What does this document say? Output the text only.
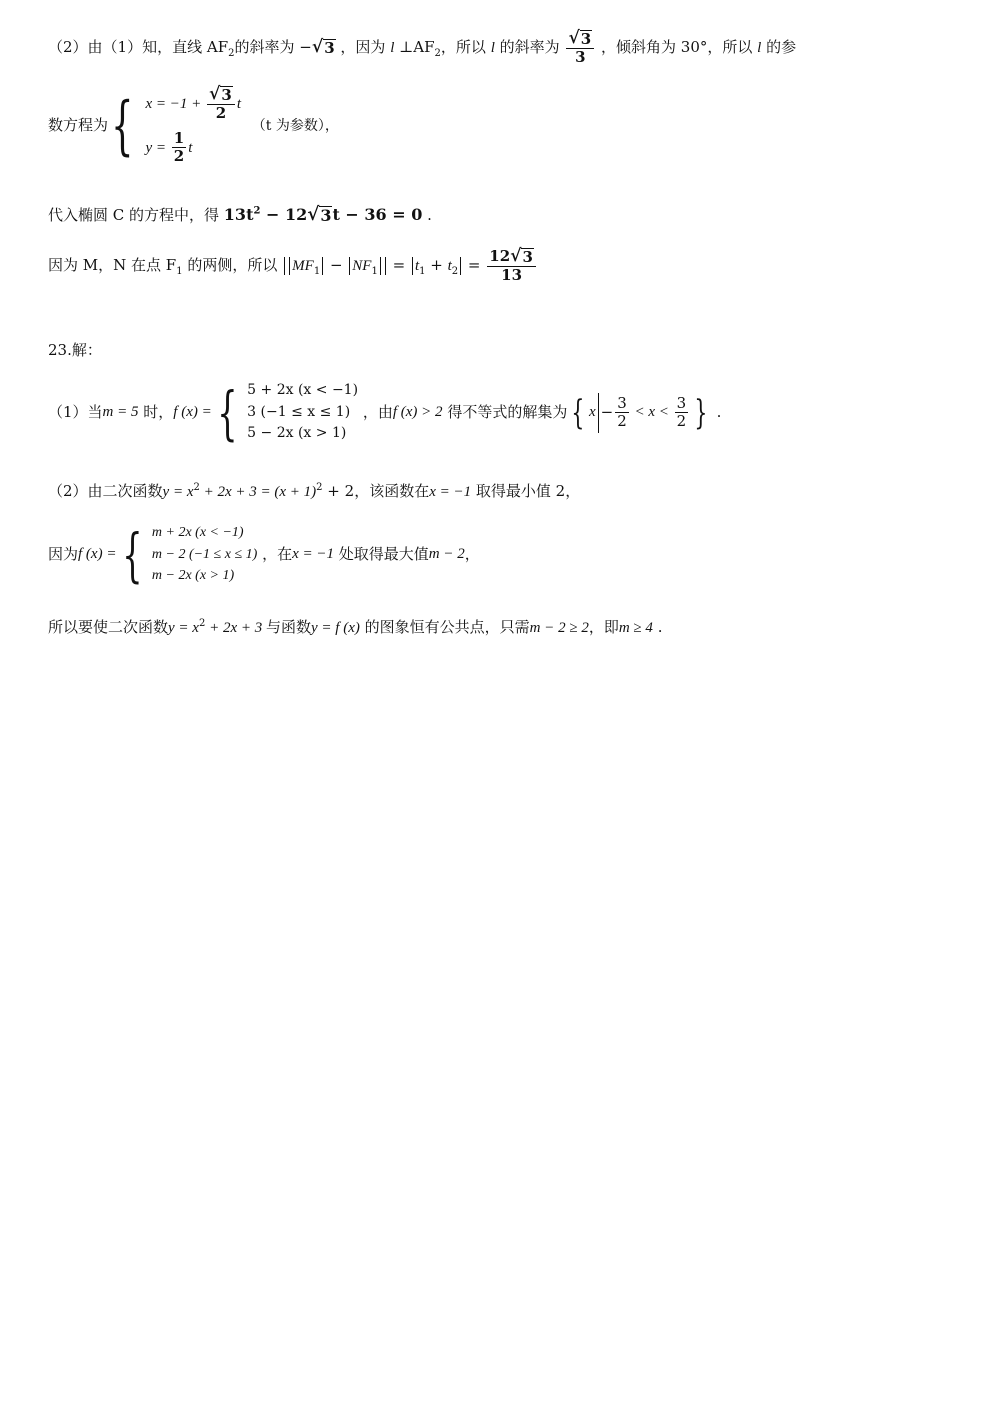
（2）由（1）知，直线 $AF_2$的斜率为 − √ 3 ，因为 l $\perp AF_2$，所以 l 的斜率为 $\frac{√ 3}{3}$ ，倾斜角为 30°，所以 l 的参
数方程为{ $x = -1 + \frac{√ 3}{2}$ t
$y = \frac{1}{2}$ t
（t 为参数），
代入椭圆 C 的方程中，得 $13t^2 - 12$ √ 3 t − 36 = 0 .
因为 M，N 在点 $F_1$ 的两侧，所以 $MF_1 - NF_1 = t_1 + t_2 = \frac{12 √ 3}{13}$
23.解：
（1）当m = 5 时，f (x) = { 5 + 2x (x < −1)
3 (−1 ≤ x ≤ 1)
5 − 2x (x > 1)
，由f (x) > 2 得不等式的解集为 { $x - \frac{3}{2} < x < \frac{3}{2}$ } .
（2）由二次函数$y = x^2 + 2x + 3 = (x + 1)^2 + 2$，该函数在x = −1 取得最小值 2，
因为f (x) = { m + 2x (x < −1)
m − 2 (−1 ≤ x ≤ 1)
m − 2x (x > 1)
，在x = −1 处取得最大值m − 2，
所以要使二次函数$y = x^2 + 2x + 3$ 与函数y = f (x) 的图象恒有公共点，只需m − 2 ≥ 2，即m ≥ 4 .
